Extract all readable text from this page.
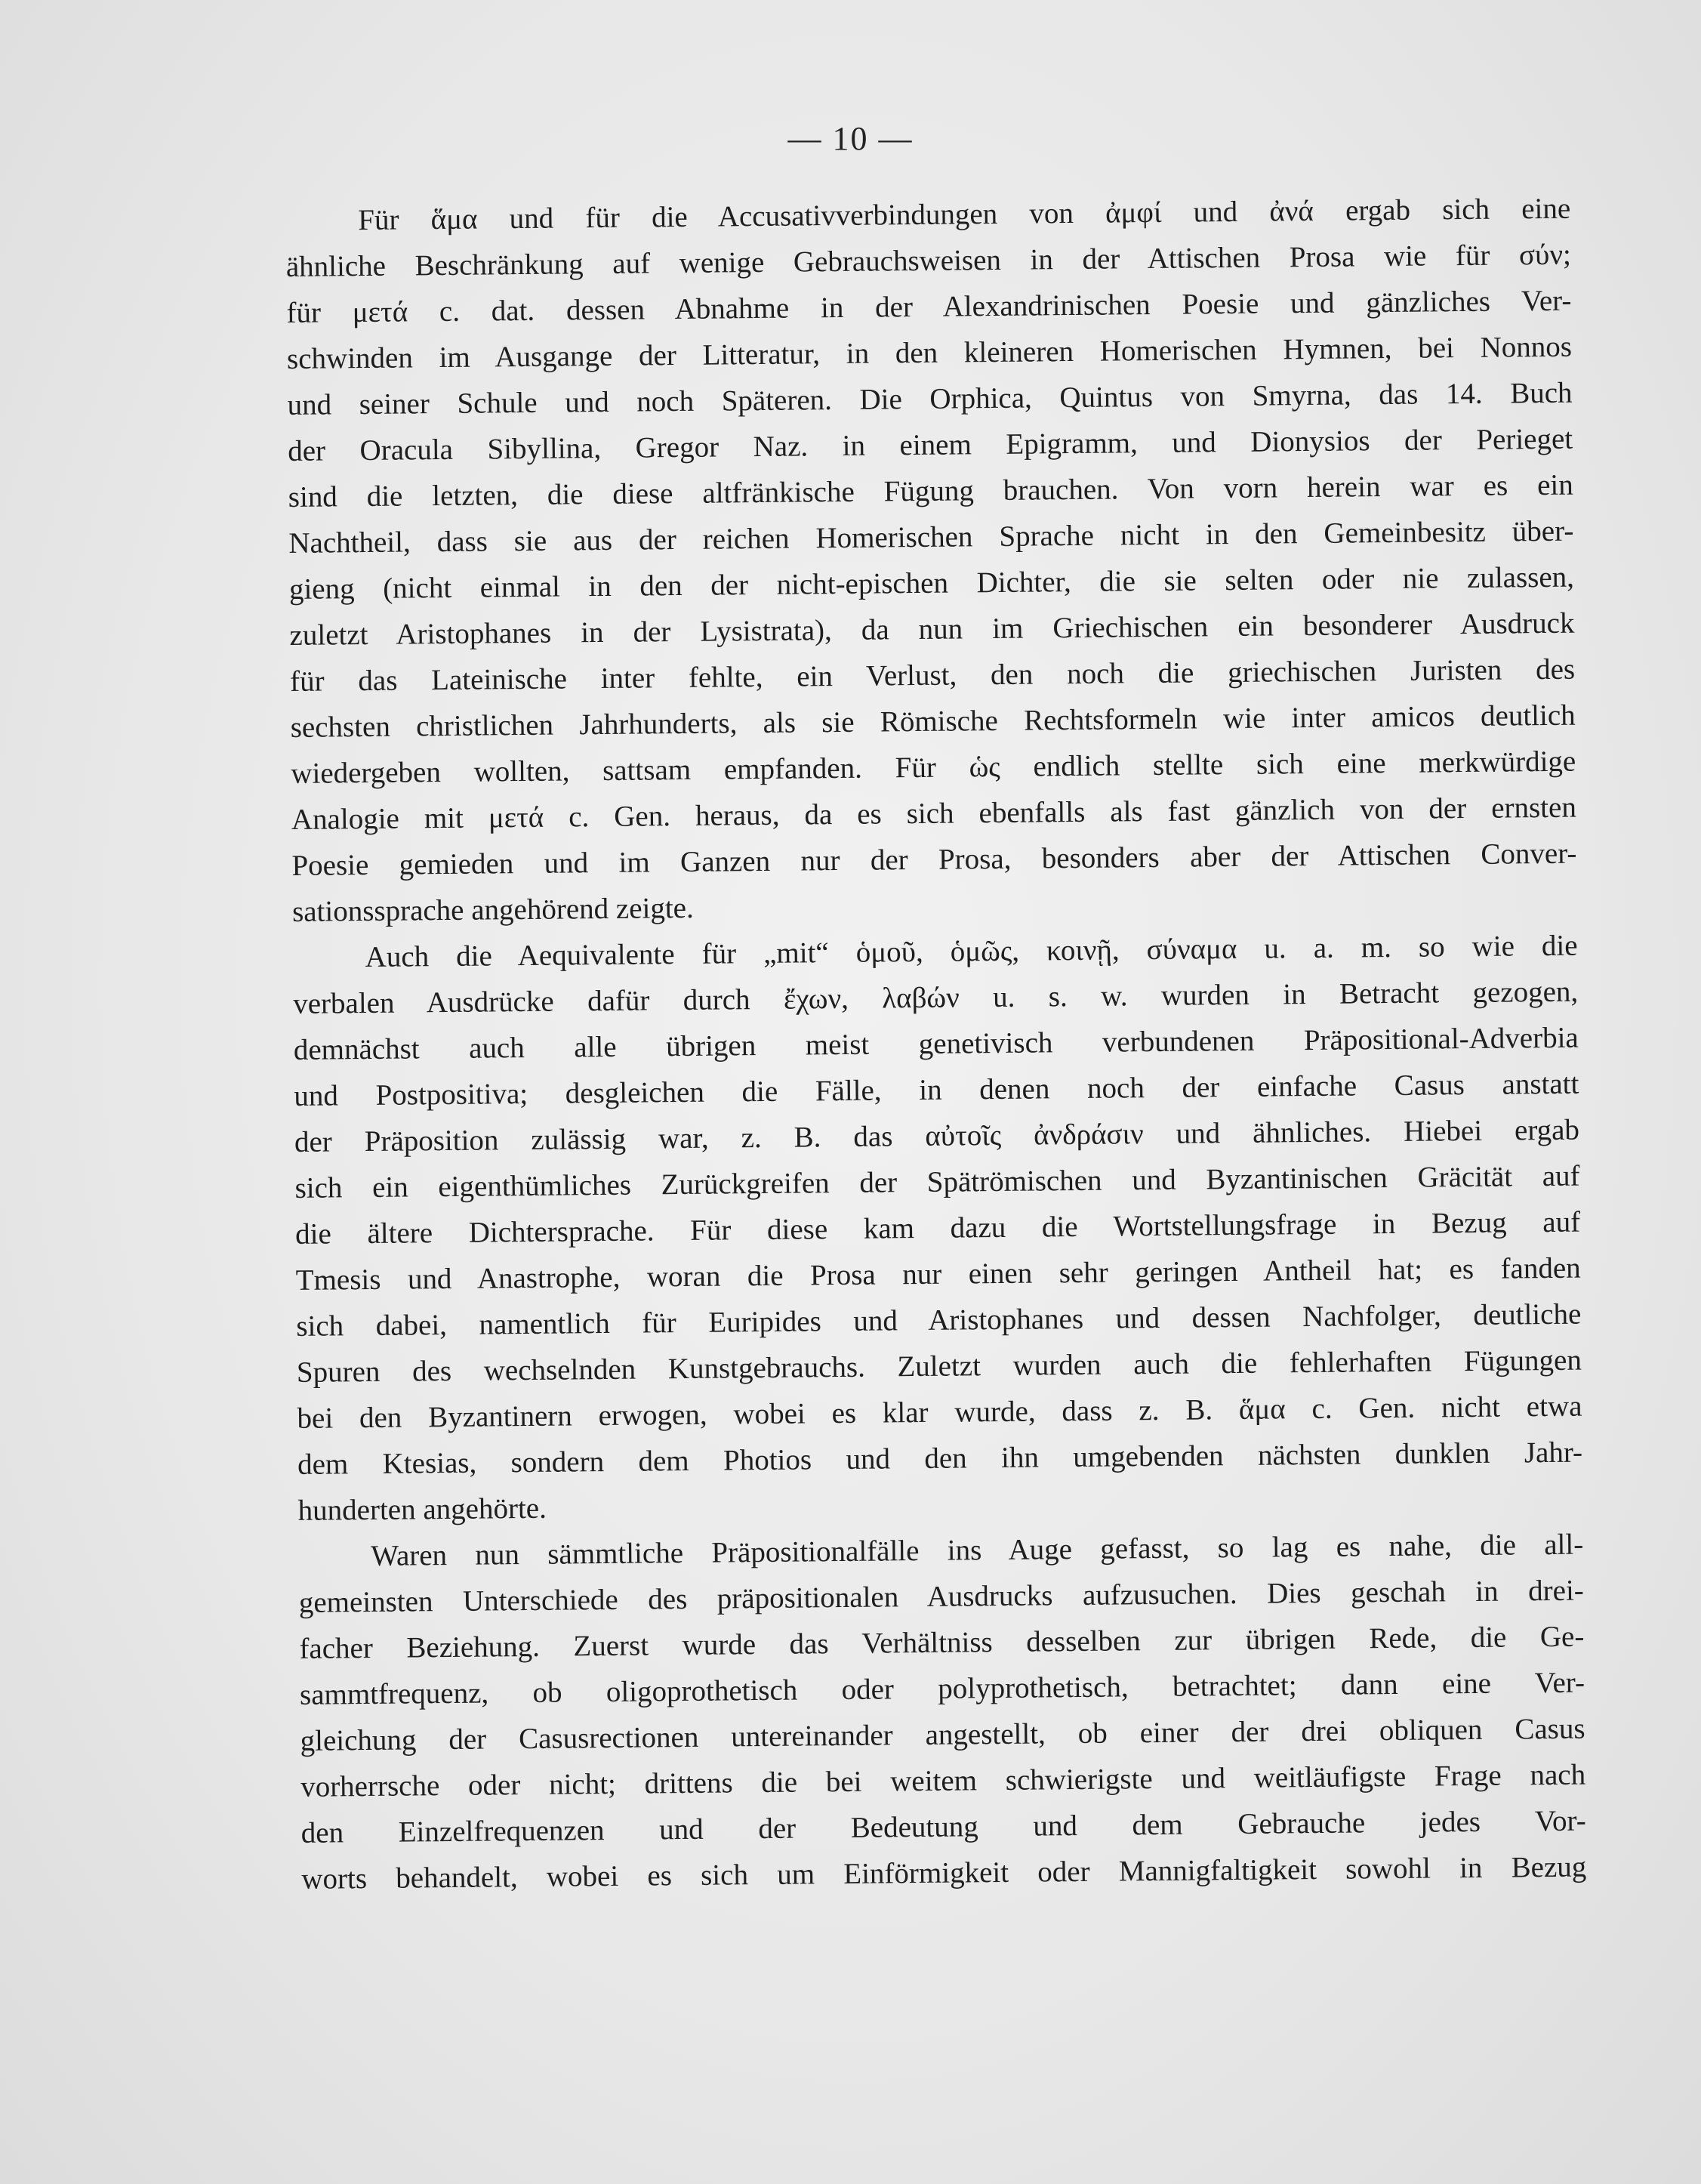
— 10 —
Für ἅμα und für die Accusativverbindungen von ἀμφί und ἀνά ergab sich eine
ähnliche Beschränkung auf wenige Gebrauchsweisen in der Attischen Prosa wie für σύν;
für μετά c. dat. dessen Abnahme in der Alexandrinischen Poesie und gänzliches Ver-
schwinden im Ausgange der Litteratur, in den kleineren Homerischen Hymnen, bei Nonnos
und seiner Schule und noch Späteren. Die Orphica, Quintus von Smyrna, das 14. Buch
der Oracula Sibyllina, Gregor Naz. in einem Epigramm, und Dionysios der Perieget
sind die letzten, die diese altfränkische Fügung brauchen. Von vorn herein war es ein
Nachtheil, dass sie aus der reichen Homerischen Sprache nicht in den Gemeinbesitz über-
gieng (nicht einmal in den der nicht-epischen Dichter, die sie selten oder nie zulassen,
zuletzt Aristophanes in der Lysistrata), da nun im Griechischen ein besonderer Ausdruck
für das Lateinische inter fehlte, ein Verlust, den noch die griechischen Juristen des
sechsten christlichen Jahrhunderts, als sie Römische Rechtsformeln wie inter amicos deutlich
wiedergeben wollten, sattsam empfanden. Für ὡς endlich stellte sich eine merkwürdige
Analogie mit μετά c. Gen. heraus, da es sich ebenfalls als fast gänzlich von der ernsten
Poesie gemieden und im Ganzen nur der Prosa, besonders aber der Attischen Conver-
sationssprache angehörend zeigte.
Auch die Aequivalente für „mit“ ὁμοῦ, ὁμῶς, κοινῇ, σύναμα u. a. m. so wie die
verbalen Ausdrücke dafür durch ἔχων, λαβών u. s. w. wurden in Betracht gezogen,
demnächst auch alle übrigen meist genetivisch verbundenen Präpositional-Adverbia
und Postpositiva; desgleichen die Fälle, in denen noch der einfache Casus anstatt
der Präposition zulässig war, z. B. das αὐτοῖς ἀνδράσιν und ähnliches. Hiebei ergab
sich ein eigenthümliches Zurückgreifen der Spätrömischen und Byzantinischen Gräcität auf
die ältere Dichtersprache. Für diese kam dazu die Wortstellungsfrage in Bezug auf
Tmesis und Anastrophe, woran die Prosa nur einen sehr geringen Antheil hat; es fanden
sich dabei, namentlich für Euripides und Aristophanes und dessen Nachfolger, deutliche
Spuren des wechselnden Kunstgebrauchs. Zuletzt wurden auch die fehlerhaften Fügungen
bei den Byzantinern erwogen, wobei es klar wurde, dass z. B. ἅμα c. Gen. nicht etwa
dem Ktesias, sondern dem Photios und den ihn umgebenden nächsten dunklen Jahr-
hunderten angehörte.
Waren nun sämmtliche Präpositionalfälle ins Auge gefasst, so lag es nahe, die all-
gemeinsten Unterschiede des präpositionalen Ausdrucks aufzusuchen. Dies geschah in drei-
facher Beziehung. Zuerst wurde das Verhältniss desselben zur übrigen Rede, die Ge-
sammtfrequenz, ob oligoprothetisch oder polyprothetisch, betrachtet; dann eine Ver-
gleichung der Casusrectionen untereinander angestellt, ob einer der drei obliquen Casus
vorherrsche oder nicht; drittens die bei weitem schwierigste und weitläufigste Frage nach
den Einzelfrequenzen und der Bedeutung und dem Gebrauche jedes Vor-
worts behandelt, wobei es sich um Einförmigkeit oder Mannigfaltigkeit sowohl in Bezug
